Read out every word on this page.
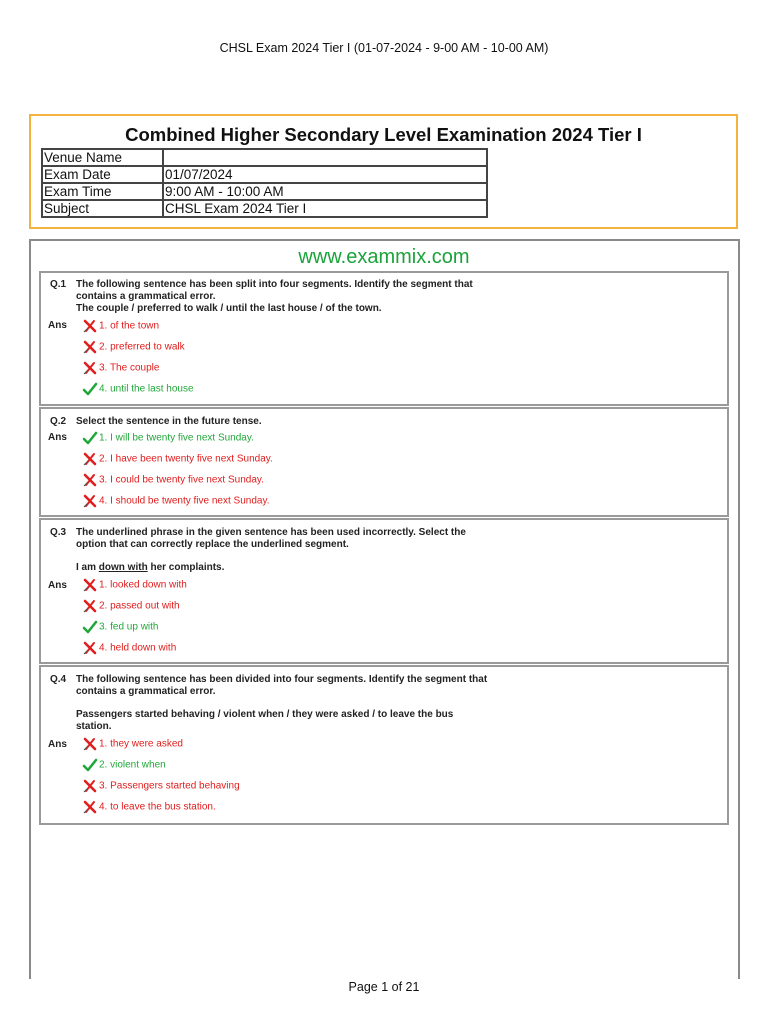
CHSL Exam 2024 Tier I (01-07-2024 - 9-00 AM - 10-00 AM)
Combined Higher Secondary Level Examination 2024 Tier I
Venue Name	
Exam Date	01/07/2024
Exam Time	9:00 AM - 10:00 AM
Subject	CHSL Exam 2024 Tier I
www.exammix.com
Q.1 The following sentence has been split into four segments. Identify the segment that

contains a grammatical error.

The couple / preferred to walk / until the last house / of the town.

Ans	1. of the town
2. preferred to walk
3. The couple
4. until the last house
Q.2 Select the sentence in the future tense.

Ans	1. I will be twenty five next Sunday.
2. I have been twenty five next Sunday.
3. I could be twenty five next Sunday.
4. I should be twenty five next Sunday.
Q.3 The underlined phrase in the given sentence has been used incorrectly. Select the

option that can correctly replace the underlined segment.

I am down with her complaints.

Ans	1. looked down with
2. passed out with
3. fed up with
4. held down with
Q.4 The following sentence has been divided into four segments. Identify the segment that

contains a grammatical error.

Passengers started behaving / violent when / they were asked / to leave the bus

station.

Ans	1. they were asked
2. violent when
3. Passengers started behaving
4. to leave the bus station.
Page 1 of 21
